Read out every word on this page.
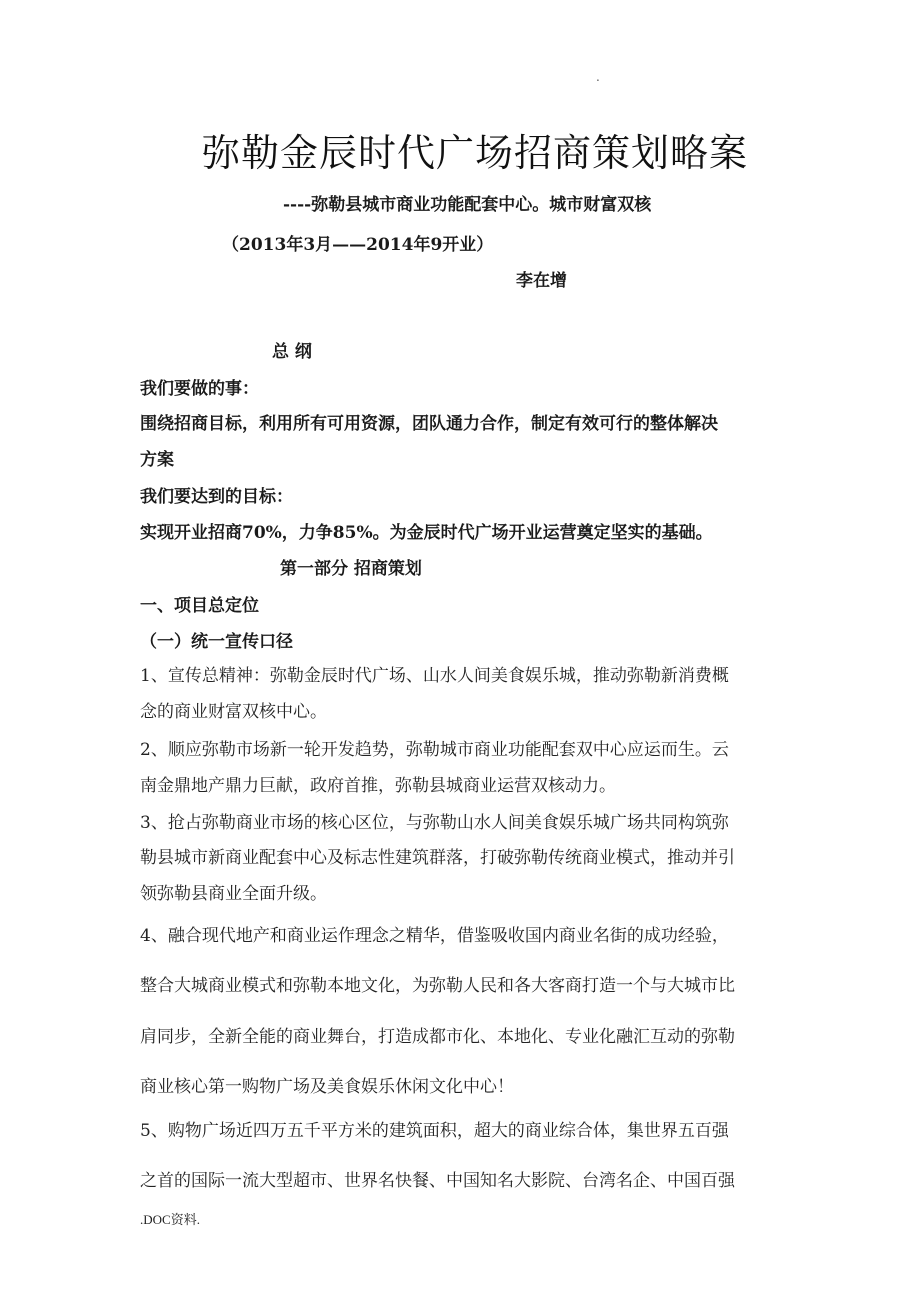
.
弥勒金辰时代广场招商策划略案
----弥勒县城市商业功能配套中心。城市财富双核
（2013年3月——2014年9开业）
李在增
总 纲
我们要做的事：
围绕招商目标，利用所有可用资源，团队通力合作，制定有效可行的整体解决
方案
我们要达到的目标：
实现开业招商70%，力争85%。为金辰时代广场开业运营奠定坚实的基础。
第一部分 招商策划
一、项目总定位
（一）统一宣传口径
1、宣传总精神：弥勒金辰时代广场、山水人间美食娱乐城，推动弥勒新消费概
念的商业财富双核中心。
2、顺应弥勒市场新一轮开发趋势，弥勒城市商业功能配套双中心应运而生。云
南金鼎地产鼎力巨献，政府首推，弥勒县城商业运营双核动力。
3、抢占弥勒商业市场的核心区位，与弥勒山水人间美食娱乐城广场共同构筑弥
勒县城市新商业配套中心及标志性建筑群落，打破弥勒传统商业模式，推动并引
领弥勒县商业全面升级。
4、融合现代地产和商业运作理念之精华，借鉴吸收国内商业名街的成功经验，
整合大城商业模式和弥勒本地文化，为弥勒人民和各大客商打造一个与大城市比
肩同步，全新全能的商业舞台，打造成都市化、本地化、专业化融汇互动的弥勒
商业核心第一购物广场及美食娱乐休闲文化中心！
5、购物广场近四万五千平方米的建筑面积，超大的商业综合体，集世界五百强
之首的国际一流大型超市、世界名快餐、中国知名大影院、台湾名企、中国百强
.DOC资料.
